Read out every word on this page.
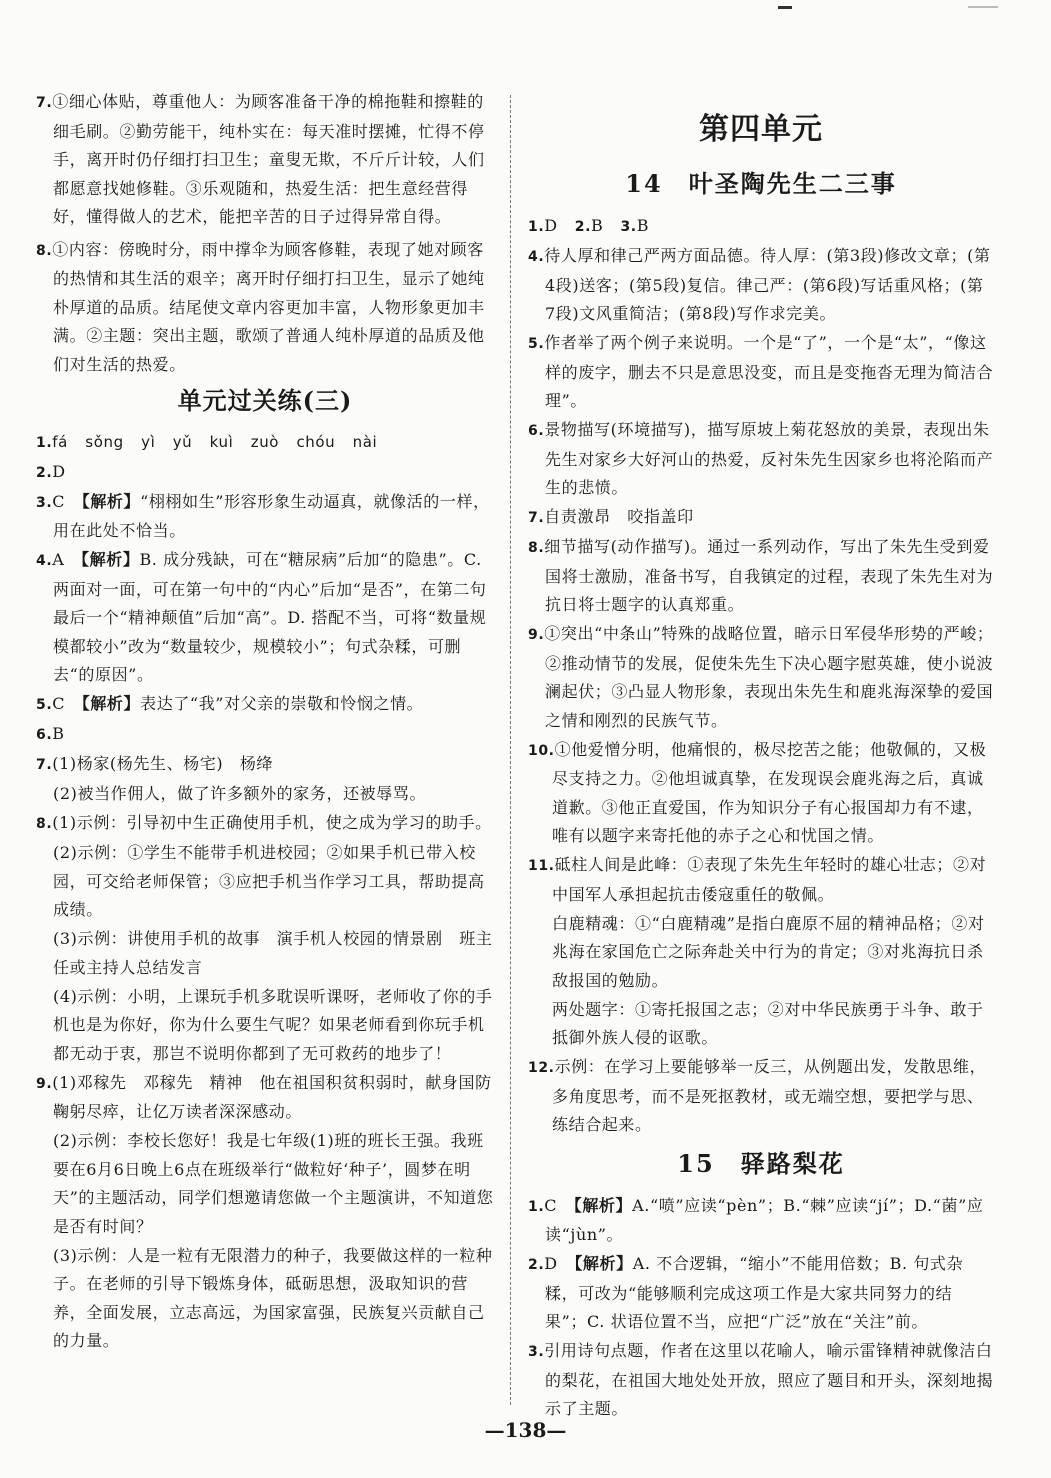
7.①细心体贴，尊重他人：为顾客准备干净的棉拖鞋和擦鞋的细毛刷。②勤劳能干，纯朴实在：每天准时摆摊，忙得不停手，离开时仍仔细打扫卫生；童叟无欺，不斤斤计较，人们都愿意找她修鞋。③乐观随和，热爱生活：把生意经营得好，懂得做人的艺术，能把辛苦的日子过得异常自得。
8.①内容：傍晚时分，雨中撑伞为顾客修鞋，表现了她对顾客的热情和其生活的艰辛；离开时仔细打扫卫生，显示了她纯朴厚道的品质。结尾使文章内容更加丰富，人物形象更加丰满。②主题：突出主题，歌颂了普通人纯朴厚道的品质及他们对生活的热爱。
单元过关练(三)
1.fá sǒng yì yǔ kuì zuò chóu nài
2.D
3.C　 【解析】“栩栩如生”形容形象生动逼真，就像活的一样，用在此处不恰当。
4.A　 【解析】B. 成分残缺，可在“糖尿病”后加“的隐患”。C. 两面对一面，可在第一句中的“内心”后加“是否”，在第二句最后一个“精神颠值”后加“高”。D. 搭配不当，可将“数量规模都较小”改为“数量较少，规模较小”；句式杂糅，可删去“的原因”。
5.C　 【解析】表达了“我”对父亲的崇敬和怜悯之情。
6.B
7.(1)杨家(杨先生、杨宅)　杨绛
(2)被当作佣人，做了许多额外的家务，还被辱骂。
8.(1)示例：引导初中生正确使用手机，使之成为学习的助手。
(2)示例：①学生不能带手机进校园；②如果手机已带入校园，可交给老师保管；③应把手机当作学习工具，帮助提高成绩。
(3)示例：讲使用手机的故事　演手机人校园的情景剧　班主任或主持人总结发言
(4)示例：小明，上课玩手机多耽误听课呀，老师收了你的手机也是为你好，你为什么要生气呢？如果老师看到你玩手机都无动于衷，那岂不说明你都到了无可救药的地步了！
9.(1)邓稼先　邓稼先　精神　他在祖国积贫积弱时，献身国防鞠躬尽瘁，让亿万读者深深感动。
(2)示例：李校长您好！我是七年级(1)班的班长王强。我班要在6月6日晚上6点在班级举行“做粒好‘种子’，圆梦在明天”的主题活动，同学们想邀请您做一个主题演讲，不知道您是否有时间？
(3)示例：人是一粒有无限潜力的种子，我要做这样的一粒种子。在老师的引导下锻炼身体，砥砺思想，汲取知识的营养，全面发展，立志高远，为国家富强，民族复兴贡献自己的力量。
第四单元
14　叶圣陶先生二三事
1.D 2.B 3.B
4.待人厚和律己严两方面品德。待人厚：(第3段)修改文章；(第4段)送客；(第5段)复信。律己严：(第6段)写话重风格；(第7段)文风重简洁；(第8段)写作求完美。
5.作者举了两个例子来说明。一个是“了”，一个是“太”，“像这样的废字，删去不只是意思没变，而且是变拖沓无理为简洁合理”。
6.景物描写(环境描写)，描写原坡上菊花怒放的美景，表现出朱先生对家乡大好河山的热爱，反衬朱先生因家乡也将沦陷而产生的悲愤。
7.自责激昂　咬指盖印
8.细节描写(动作描写)。通过一系列动作，写出了朱先生受到爱国将士激励，准备书写，自我镇定的过程，表现了朱先生对为抗日将士题字的认真郑重。
9.①突出“中条山”特殊的战略位置，暗示日军侵华形势的严峻；②推动情节的发展，促使朱先生下决心题字慰英雄，使小说波澜起伏；③凸显人物形象，表现出朱先生和鹿兆海深挚的爱国之情和刚烈的民族气节。
10.①他爱憎分明，他痛恨的，极尽挖苦之能；他敬佩的，又极尽支持之力。②他坦诚真挚，在发现误会鹿兆海之后，真诚道歉。③他正直爱国，作为知识分子有心报国却力有不逮，唯有以题字来寄托他的赤子之心和忧国之情。
11.砥柱人间是此峰：①表现了朱先生年轻时的雄心壮志；②对中国军人承担起抗击倭寇重任的敬佩。
白鹿精魂：①“白鹿精魂”是指白鹿原不屈的精神品格；②对兆海在家国危亡之际奔赴关中行为的肯定；③对兆海抗日杀敌报国的勉励。
两处题字：①寄托报国之志；②对中华民族勇于斗争、敢于抵御外族人侵的讴歌。
12.示例：在学习上要能够举一反三，从例题出发，发散思维，多角度思考，而不是死抠教材，或无端空想，要把学与思、练结合起来。
15　驿路梨花
1.C　 【解析】A.“喷”应读“pèn”；B.“棘”应读“jí”；D.“菌”应读“jùn”。
2.D　 【解析】A. 不合逻辑，“缩小”不能用倍数；B. 句式杂糅，可改为“能够顺利完成这项工作是大家共同努力的结果”；C. 状语位置不当，应把“广泛”放在“关注”前。
3.引用诗句点题，作者在这里以花喻人，喻示雷锋精神就像洁白的梨花，在祖国大地处处开放，照应了题目和开头，深刻地揭示了主题。
—138—
